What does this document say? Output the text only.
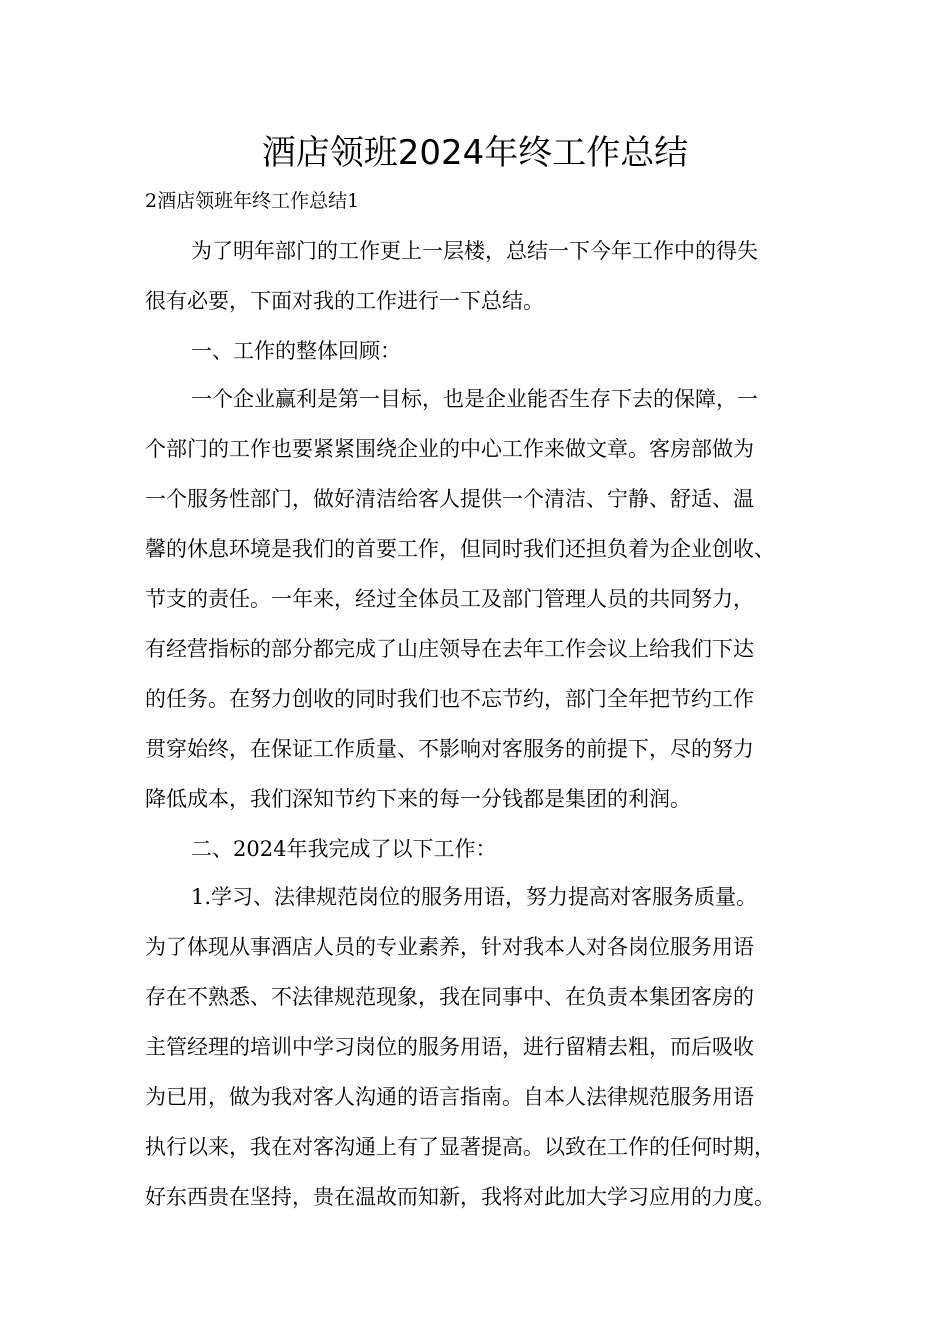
酒店领班2024年终工作总结

2酒店领班年终工作总结1

为了明年部门的工作更上一层楼，总结一下今年工作中的得失

很有必要，下面对我的工作进行一下总结。

一、工作的整体回顾：

一个企业赢利是第一目标，也是企业能否生存下去的保障，一

个部门的工作也要紧紧围绕企业的中心工作来做文章。客房部做为

一个服务性部门，做好清洁给客人提供一个清洁、宁静、舒适、温

馨的休息环境是我们的首要工作，但同时我们还担负着为企业创收、

节支的责任。一年来，经过全体员工及部门管理人员的共同努力，

有经营指标的部分都完成了山庄领导在去年工作会议上给我们下达

的任务。在努力创收的同时我们也不忘节约，部门全年把节约工作

贯穿始终，在保证工作质量、不影响对客服务的前提下，尽的努力

降低成本，我们深知节约下来的每一分钱都是集团的利润。

二、2024年我完成了以下工作：

1.学习、法律规范岗位的服务用语，努力提高对客服务质量。

为了体现从事酒店人员的专业素养，针对我本人对各岗位服务用语

存在不熟悉、不法律规范现象，我在同事中、在负责本集团客房的

主管经理的培训中学习岗位的服务用语，进行留精去粗，而后吸收

为已用，做为我对客人沟通的语言指南。自本人法律规范服务用语

执行以来，我在对客沟通上有了显著提高。以致在工作的任何时期，

好东西贵在坚持，贵在温故而知新，我将对此加大学习应用的力度。
